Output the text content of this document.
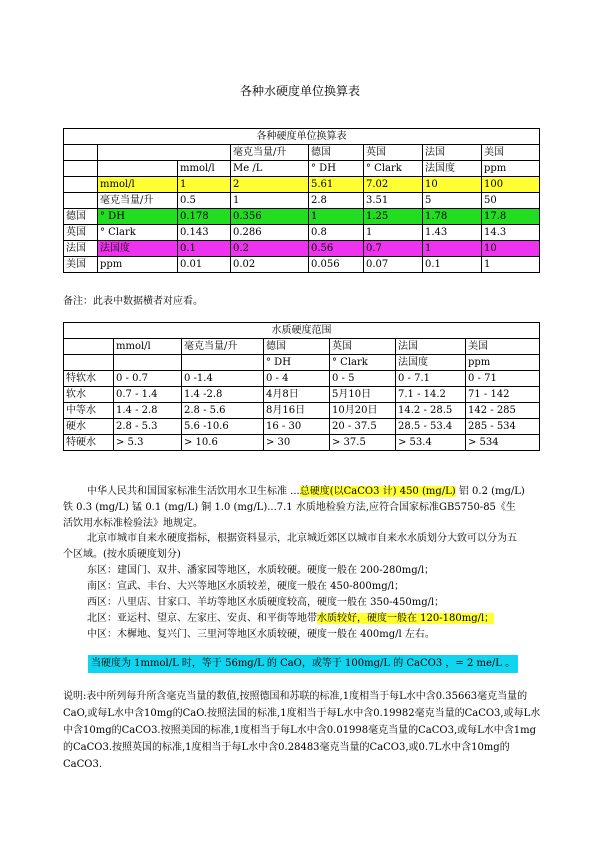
各种水硬度单位换算表
各种硬度单位换算表							
			毫克当量/升	德国	英国	法国	美国
		mmol/l	Me /L	° DH	° Clark	法国度	ppm
	mmol/l	1	2	5.61	7.02	10	100
	毫克当量/升	0.5	1	2.8	3.51	5	50
德国	° DH	0.178	0.356	1	1.25	1.78	17.8
英国	° Clark	0.143	0.286	0.8	1	1.43	14.3
法国	法国度	0.1	0.2	0.56	0.7	1	10
美国	ppm	0.01	0.02	0.056	0.07	0.1	1
备注：此表中数据横者对应看。
水质硬度范围						
	mmol/l	毫克当量/升	德国	英国	法国	美国
			° DH	° Clark	法国度	ppm
特软水	0 - 0.7	0 -1.4	0 - 4	0 - 5	0 - 7.1	0 - 71
软水	0.7 - 1.4	1.4 -2.8	4月8日	5月10日	7.1 - 14.2	71 - 142
中等水	1.4 - 2.8	2.8 - 5.6	8月16日	10月20日	14.2 - 28.5	142 - 285
硬水	2.8 - 5.3	5.6 -10.6	16 - 30	20 - 37.5	28.5 - 53.4	285 - 534
特硬水	> 5.3	> 10.6	> 30	> 37.5	> 53.4	> 534
中华人民共和国国家标准生活饮用水卫生标准 ...总硬度(以CaCO3 计) 450 (mg/L) 铝 0.2 (mg/L)
铁 0.3 (mg/L) 锰 0.1 (mg/L) 铜 1.0 (mg/L)...7.1 水质地检验方法,应符合国家标准GB5750-85《生
活饮用水标准检验法》地规定。
北京市城市自来水硬度指标，根据资料显示，北京城近郊区以城市自来水水质划分大致可以分为五
个区域。(按水质硬度划分)
东区：建国门、双井、潘家园等地区，水质较硬。硬度一般在 200-280mg/l；
南区：宣武、丰台、大兴等地区水质较差，硬度一般在 450-800mg/l；
西区：八里店、甘家口、羊坊等地区水质硬度较高，硬度一般在 350-450mg/l；
北区：亚运村、望京、左家庄、安贞、和平街等地带水质较好，硬度一般在 120-180mg/l；
中区：木樨地、复兴门、三里河等地区水质较硬，硬度一般在 400mg/l 左右。
当硬度为 1mmol/L 时，等于 56mg/L 的 CaO，或等于 100mg/L 的 CaCO3 ，= 2 me/L 。
说明:表中所列每升所含毫克当量的数值,按照德国和苏联的标准,1度相当于每L水中含0.35663毫克当量的CaO,或每L水中含10mg的CaO.按照法国的标准,1度相当于每L水中含0.19982毫克当量的CaCO3,或每L水中含10mg的CaCO3.按照美国的标准,1度相当于每L水中含0.01998毫克当量的CaCO3,或每L水中含1mg的CaCO3.按照英国的标准,1度相当于每L水中含0.28483毫克当量的CaCO3,或0.7L水中含10mg的CaCO3.
